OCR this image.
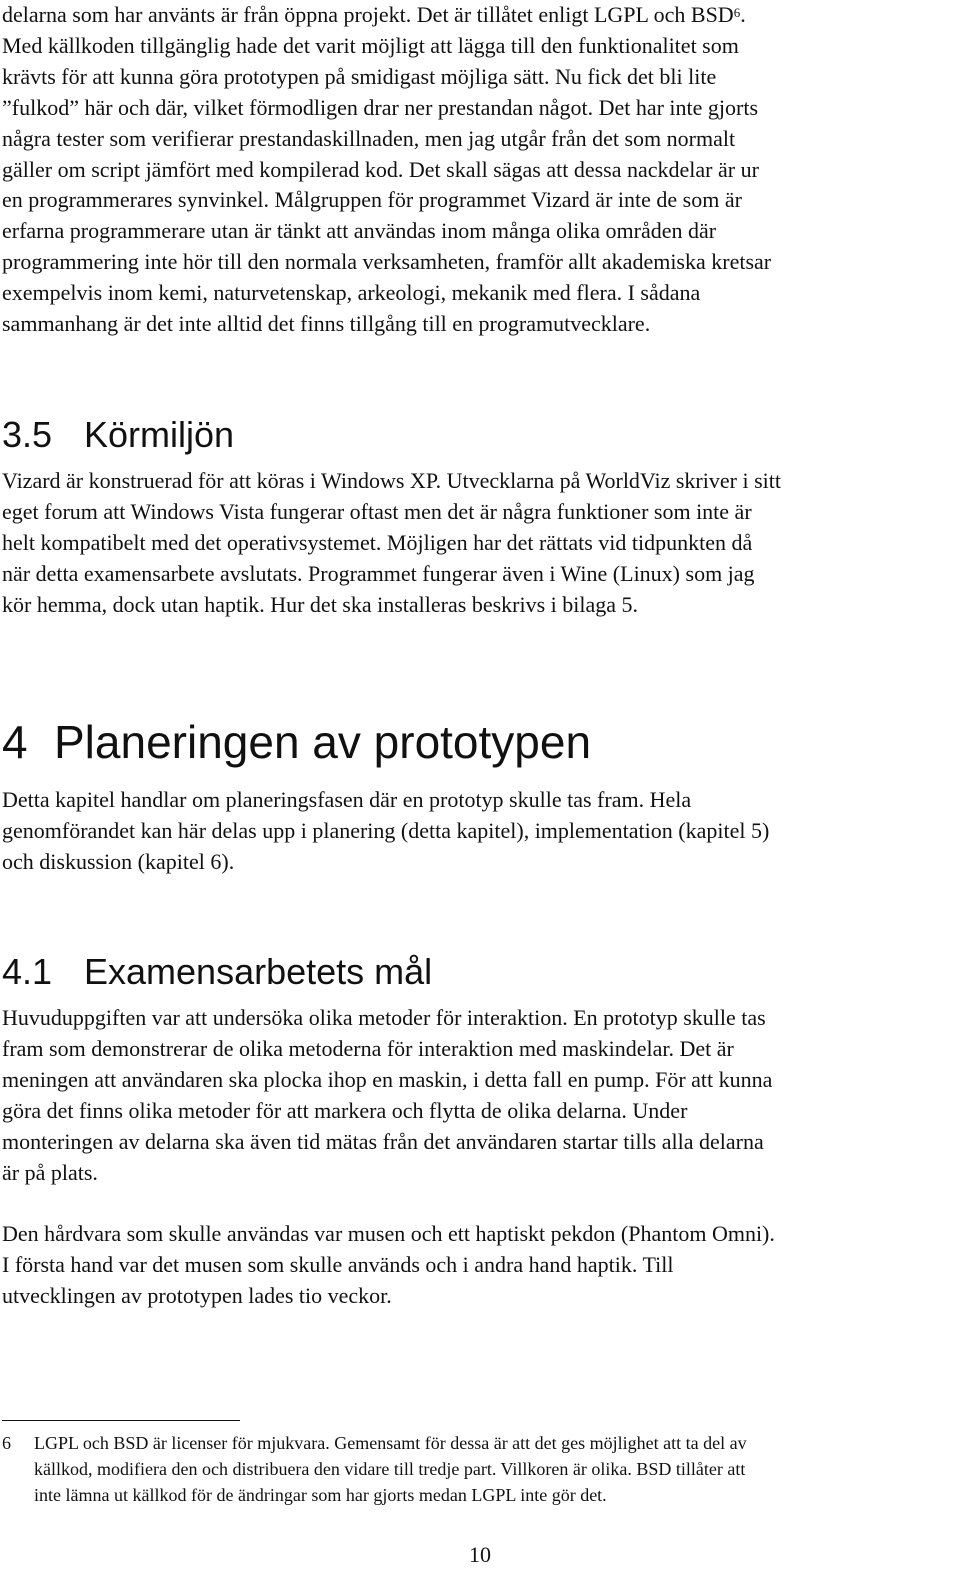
delarna som har använts är från öppna projekt. Det är tillåtet enligt LGPL och BSD$^6$.
Med källkoden tillgänglig hade det varit möjligt att lägga till den funktionalitet som
krävts för att kunna göra prototypen på smidigast möjliga sätt. Nu fick det bli lite
”fulkod” här och där, vilket förmodligen drar ner prestandan något. Det har inte gjorts
några tester som verifierar prestandaskillnaden, men jag utgår från det som normalt
gäller om script jämfört med kompilerad kod. Det skall sägas att dessa nackdelar är ur
en programmerares synvinkel. Målgruppen för programmet Vizard är inte de som är
erfarna programmerare utan är tänkt att användas inom många olika områden där
programmering inte hör till den normala verksamheten, framför allt akademiska kretsar
exempelvis inom kemi, naturvetenskap, arkeologi, mekanik med flera. I sådana
sammanhang är det inte alltid det finns tillgång till en programutvecklare.

3.5 Körmiljön

Vizard är konstruerad för att köras i Windows XP. Utvecklarna på WorldViz skriver i sitt
eget forum att Windows Vista fungerar oftast men det är några funktioner som inte är
helt kompatibelt med det operativsystemet. Möjligen har det rättats vid tidpunkten då
när detta examensarbete avslutats. Programmet fungerar även i Wine (Linux) som jag
kör hemma, dock utan haptik. Hur det ska installeras beskrivs i bilaga 5.

4 Planeringen av prototypen

Detta kapitel handlar om planeringsfasen där en prototyp skulle tas fram. Hela
genomförandet kan här delas upp i planering (detta kapitel), implementation (kapitel 5)
och diskussion (kapitel 6).

4.1 Examensarbetets mål

Huvuduppgiften var att undersöka olika metoder för interaktion. En prototyp skulle tas
fram som demonstrerar de olika metoderna för interaktion med maskindelar. Det är
meningen att användaren ska plocka ihop en maskin, i detta fall en pump. För att kunna
göra det finns olika metoder för att markera och flytta de olika delarna. Under
monteringen av delarna ska även tid mätas från det användaren startar tills alla delarna
är på plats.

Den hårdvara som skulle användas var musen och ett haptiskt pekdon (Phantom Omni).
I första hand var det musen som skulle används och i andra hand haptik. Till
utvecklingen av prototypen lades tio veckor.

6	LGPL och BSD är licenser för mjukvara. Gemensamt för dessa är att det ges möjlighet att ta del av
källkod, modifiera den och distribuera den vidare till tredje part. Villkoren är olika. BSD tillåter att
inte lämna ut källkod för de ändringar som har gjorts medan LGPL inte gör det.
10
